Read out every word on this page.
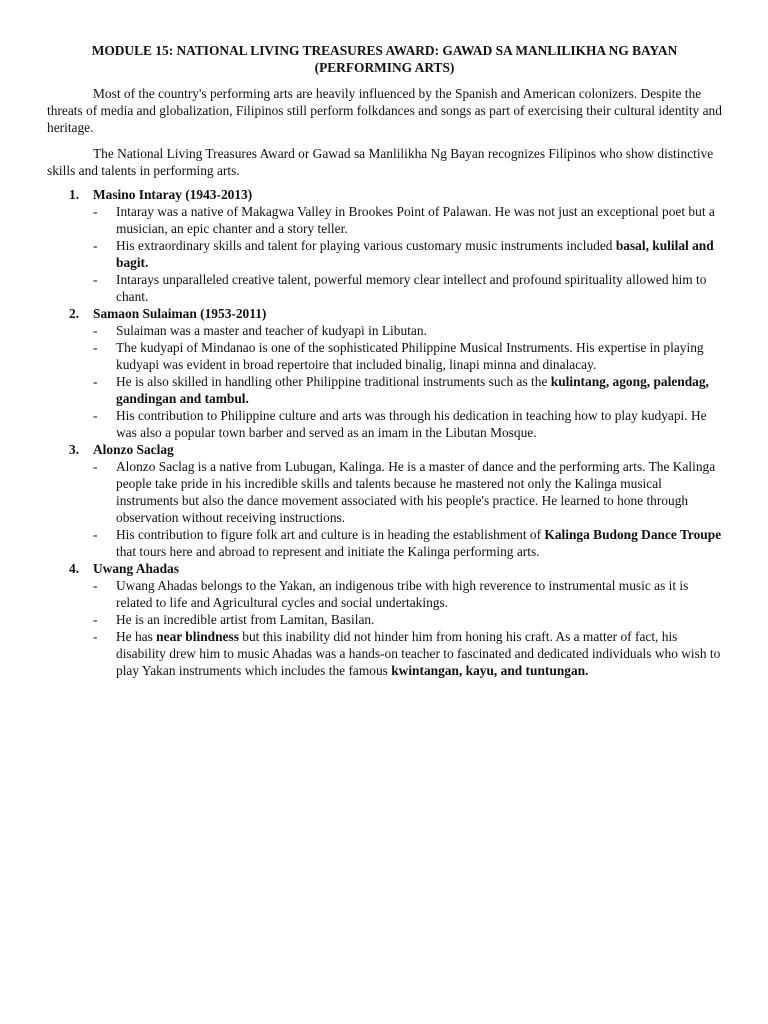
MODULE 15: NATIONAL LIVING TREASURES AWARD: GAWAD SA MANLILIKHA NG BAYAN
(PERFORMING ARTS)

Most of the country's performing arts are heavily influenced by the Spanish and American colonizers. Despite the threats of media and globalization, Filipinos still perform folkdances and songs as part of exercising their cultural identity and heritage.

The National Living Treasures Award or Gawad sa Manlilikha Ng Bayan recognizes Filipinos who show distinctive skills and talents in performing arts.

1. Masino Intaray (1943-2013)
- Intaray was a native of Makagwa Valley in Brookes Point of Palawan. He was not just an exceptional poet but a musician, an epic chanter and a story teller.
- His extraordinary skills and talent for playing various customary music instruments included basal, kulilal and bagit.
- Intarays unparalleled creative talent, powerful memory clear intellect and profound spirituality allowed him to chant.
2. Samaon Sulaiman (1953-2011)
- Sulaiman was a master and teacher of kudyapi in Libutan.
- The kudyapi of Mindanao is one of the sophisticated Philippine Musical Instruments. His expertise in playing kudyapi was evident in broad repertoire that included binalig, linapi minna and dinalacay.
- He is also skilled in handling other Philippine traditional instruments such as the kulintang, agong, palendag, gandingan and tambul.
- His contribution to Philippine culture and arts was through his dedication in teaching how to play kudyapi. He was also a popular town barber and served as an imam in the Libutan Mosque.
3. Alonzo Saclag
- Alonzo Saclag is a native from Lubugan, Kalinga. He is a master of dance and the performing arts. The Kalinga people take pride in his incredible skills and talents because he mastered not only the Kalinga musical instruments but also the dance movement associated with his people's practice. He learned to hone through observation without receiving instructions.
- His contribution to figure folk art and culture is in heading the establishment of Kalinga Budong Dance Troupe that tours here and abroad to represent and initiate the Kalinga performing arts.
4. Uwang Ahadas
- Uwang Ahadas belongs to the Yakan, an indigenous tribe with high reverence to instrumental music as it is related to life and Agricultural cycles and social undertakings.
- He is an incredible artist from Lamitan, Basilan.
- He has near blindness but this inability did not hinder him from honing his craft. As a matter of fact, his disability drew him to music Ahadas was a hands-on teacher to fascinated and dedicated individuals who wish to play Yakan instruments which includes the famous kwintangan, kayu, and tuntungan.
